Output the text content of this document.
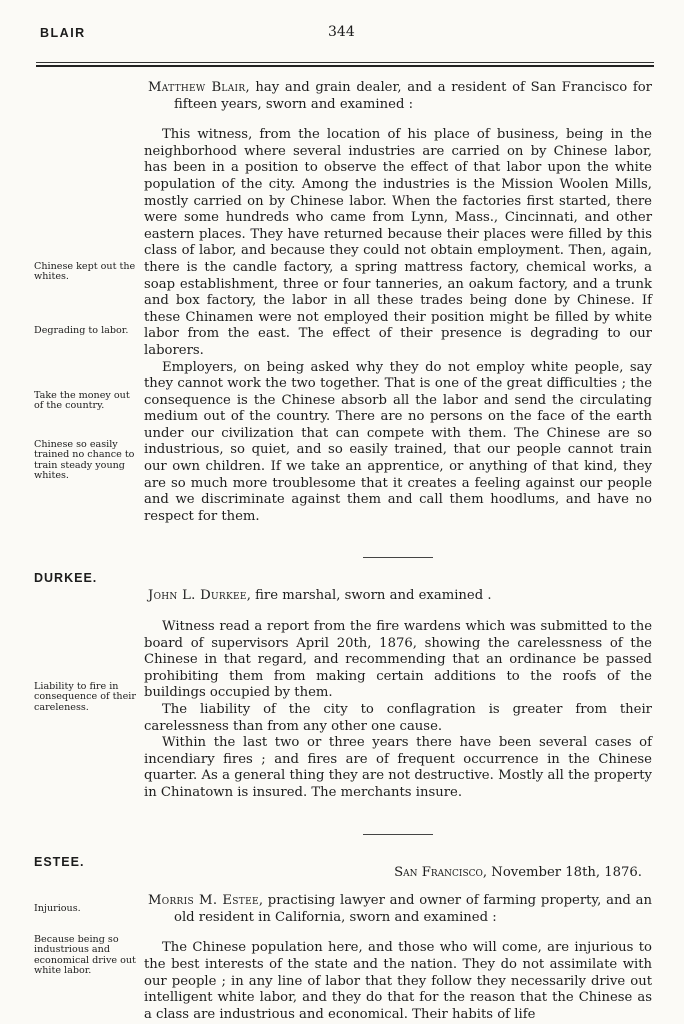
BLAIR	344
Chinese kept out the whites.
Degrading to labor.
Take the money out of the country.
Chinese so easily trained no chance to train steady young whites.
DURKEE.
Liability to fire in consequence of their careleness.
ESTEE.
Injurious.
Because being so industrious and economical drive out white labor.

Matthew Blair, hay and grain dealer, and a resident of San Francisco for fifteen years, sworn and examined :

This witness, from the location of his place of business, being in the neighborhood where several industries are carried on by Chinese labor, has been in a position to observe the effect of that labor upon the white population of the city. Among the industries is the Mission Woolen Mills, mostly carried on by Chinese labor. When the factories first started, there were some hundreds who came from Lynn, Mass., Cincinnati, and other eastern places. They have returned because their places were filled by this class of labor, and because they could not obtain employment. Then, again, there is the candle factory, a spring mattress factory, chemical works, a soap establishment, three or four tanneries, an oakum factory, and a trunk and box factory, the labor in all these trades being done by Chinese. If these Chinamen were not employed their position might be filled by white labor from the east. The effect of their presence is degrading to our laborers.

Employers, on being asked why they do not employ white people, say they cannot work the two together. That is one of the great difficulties ; the consequence is the Chinese absorb all the labor and send the circulating medium out of the country. There are no persons on the face of the earth under our civilization that can compete with them. The Chinese are so industrious, so quiet, and so easily trained, that our people cannot train our own children. If we take an apprentice, or anything of that kind, they are so much more troublesome that it creates a feeling against our people and we discriminate against them and call them hoodlums, and have no respect for them.

John L. Durkee, fire marshal, sworn and examined .

Witness read a report from the fire wardens which was submitted to the board of supervisors April 20th, 1876, showing the carelessness of the Chinese in that regard, and recommending that an ordinance be passed prohibiting them from making certain additions to the roofs of the buildings occupied by them.

The liability of the city to conflagration is greater from their carelessness than from any other one cause.

Within the last two or three years there have been several cases of incendiary fires ; and fires are of frequent occurrence in the Chinese quarter. As a general thing they are not destructive. Mostly all the property in Chinatown is insured. The merchants insure.

San Francisco, November 18th, 1876.

Morris M. Estee, practising lawyer and owner of farming property, and an old resident in California, sworn and examined :

The Chinese population here, and those who will come, are injurious to the best interests of the state and the nation. They do not assimilate with our people ; in any line of labor that they follow they necessarily drive out intelligent white labor, and they do that for the reason that the Chinese as a class are industrious and economical. Their habits of life
